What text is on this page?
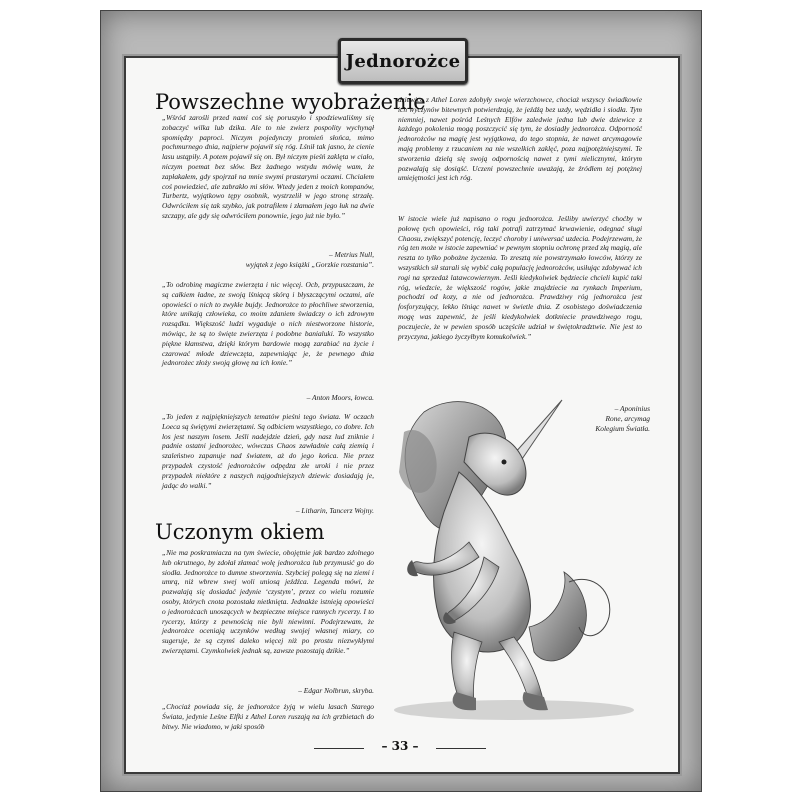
Jednorożce
Powszechne wyobrażenie

„Wśród zarośli przed nami coś się poruszyło i spodziewaliśmy się zobaczyć wilka lub dzika. Ale to nie zwierz pospolity wychynął spomiędzy paproci. Niczym pojedynczy promień słońca, mimo pochmurnego dnia, najpierw pojawił się róg. Lśnił tak jasno, że cienie lasu ustąpiły. A potem pojawił się on. Był niczym pieśń zaklęta w ciało, niczym poemat bez słów. Bez żadnego wstydu mówię wam, że zapłakałem, gdy spojrzał na mnie swymi prastarymi oczami. Chciałem coś powiedzieć, ale zabrakło mi słów. Wtedy jeden z moich kompanów, Turbertz, wyjątkowo tępy osobnik, wystrzelił w jego stronę strzałę. Odwróciłem się tak szybko, jak potrafiłem i złamałem jego łuk na dwie szczapy, ale gdy się odwróciłem ponownie, jego już nie było.”

– Metrius Null,

wyjątek z jego książki „Gorzkie rozstania”.

„To odrobinę magiczne zwierzęta i nic więcej. Ocb, przypuszczam, że są całkiem ładne, ze swoją lśniącą skórą i błyszczącymi oczami, ale opowieści o nich to zwykłe bujdy. Jednorożce to płochliwe stworzenia, które unikają człowieka, co moim zdaniem świadczy o ich zdrowym rozsądku. Większość ludzi wygaduje o nich niestworzone historie, mówiąc, że są to święte zwierzęta i podobne banialuki. To wszystko piękne kłamstwa, dzięki którym bardowie mogą zarabiać na życie i czarować młode dziewczęta, zapewniając je, że pewnego dnia jednorożec złoży swoją głowę na ich łonie.”

– Anton Moors, łowca.

„To jeden z najpiękniejszych tematów pieśni tego świata. W oczach Loeca są świętymi zwierzętami. Są odbiciem wszystkiego, co dobre. Ich los jest naszym losem. Jeśli nadejdzie dzień, gdy nasz lud zniknie i padnie ostatni jednorożec, wówczas Chaos zawładnie całą ziemią i szaleństwo zapanuje nad światem, aż do jego końca. Nie przez przypadek czystość jednorożców odpędza złe uroki i nie przez przypadek niektóre z naszych najgodniejszych dziewic dosiadają je, jadąc do walki.”

– Litharin, Tancerz Wojny.

Uczonym okiem

„Nie ma poskramiacza na tym świecie, obojętnie jak bardzo zdolnego lub okrutnego, by zdołał złamać wolę jednorożca lub przymusić go do siodła. Jednorożce to dumne stworzenia. Szybciej polegą się na ziemi i umrą, niż wbrew swej woli uniosą jeźdźca. Legenda mówi, że pozwalają się dosiadać jedynie ‘czystym’, przez co wielu rozumie osoby, których cnota pozostała nietknięta. Jednakże istnieją opowieści o jednorożcach unoszących w bezpieczne miejsce rannych rycerzy. I to rycerzy, którzy z pewnością nie byli niewinni. Podejrzewam, że jednorożce oceniają uczynków według swojej własnej miary, co sugeruje, że są czymś daleko więcej niż po prostu niezwykłymi zwierzętami. Czymkolwiek jednak są, zawsze pozostają dzikie.”

– Edgar Nolbrun, skryba.

„Chociaż powiada się, że jednorożce żyją w wielu lasach Starego Świata, jedynie Leśne Elfki z Athel Loren ruszają na ich grzbietach do bitwy. Nie wiadomo, w jaki sposób

dziewice z Athel Loren zdobyły swoje wierzchowce, chociaż wszyscy świadkowie ich wyczynów bitewnych potwierdzają, że jeźdźą bez uzdy, wędzidła i siodła. Tym niemniej, nawet pośród Leśnych Elfów zaledwie jedna lub dwie dziewice z każdego pokolenia mogą poszczycić się tym, że dosiadły jednorożca. Odporność jednorożców na magię jest wyjątkowa, do tego stopnia, że nawet arcymagowie mają problemy z rzucaniem na nie wszelkich zaklęć, poza najpotężniejszymi. Te stworzenia dzielą się swoją odpornością nawet z tymi nielicznymi, którym pozwalają się dosiąść. Uczeni powszechnie uważają, że źródłem tej potężnej umiejętności jest ich róg.

W istocie wiele już napisano o rogu jednorożca. Jeśliby uwierzyć choćby w połowę tych opowieści, róg taki potrafi zatrzymać krwawienie, odegnać sługi Chaosu, zwiększyć potencję, leczyć choroby i uniwersać uzdecia. Podejrzewam, że róg ten może w istocie zapewniać w pewnym stopniu ochronę przed złą magią, ale reszta to tylko pobożne życzenia. To zresztą nie powstrzymało łowców, którzy ze wszystkich sił starali się wybić całą populację jednorożców, usiłując zdobywać ich rogi na sprzedaż latawcowiernym. Jeśli kiedykolwiek będziecie chcieli kupić taki róg, wiedzcie, że większość rogów, jakie znajdziecie na rynkach Imperium, pochodzi od kozy, a nie od jednorożca. Prawdziwy róg jednorożca jest fosforyzujący, lekko lśniąc nawet w świetle dnia. Z osobistego doświadczenia mogę was zapewnić, że jeśli kiedykolwiek dotkniecie prawdziwego rogu, poczujecie, że w pewien sposób uczęściłe udział w świętokradztwie. Nie jest to przyczyna, jakiego życzyłbym komukolwiek.”

– Aponinius

Rone, arcymag

Kolegium Światła.

– 33 –
